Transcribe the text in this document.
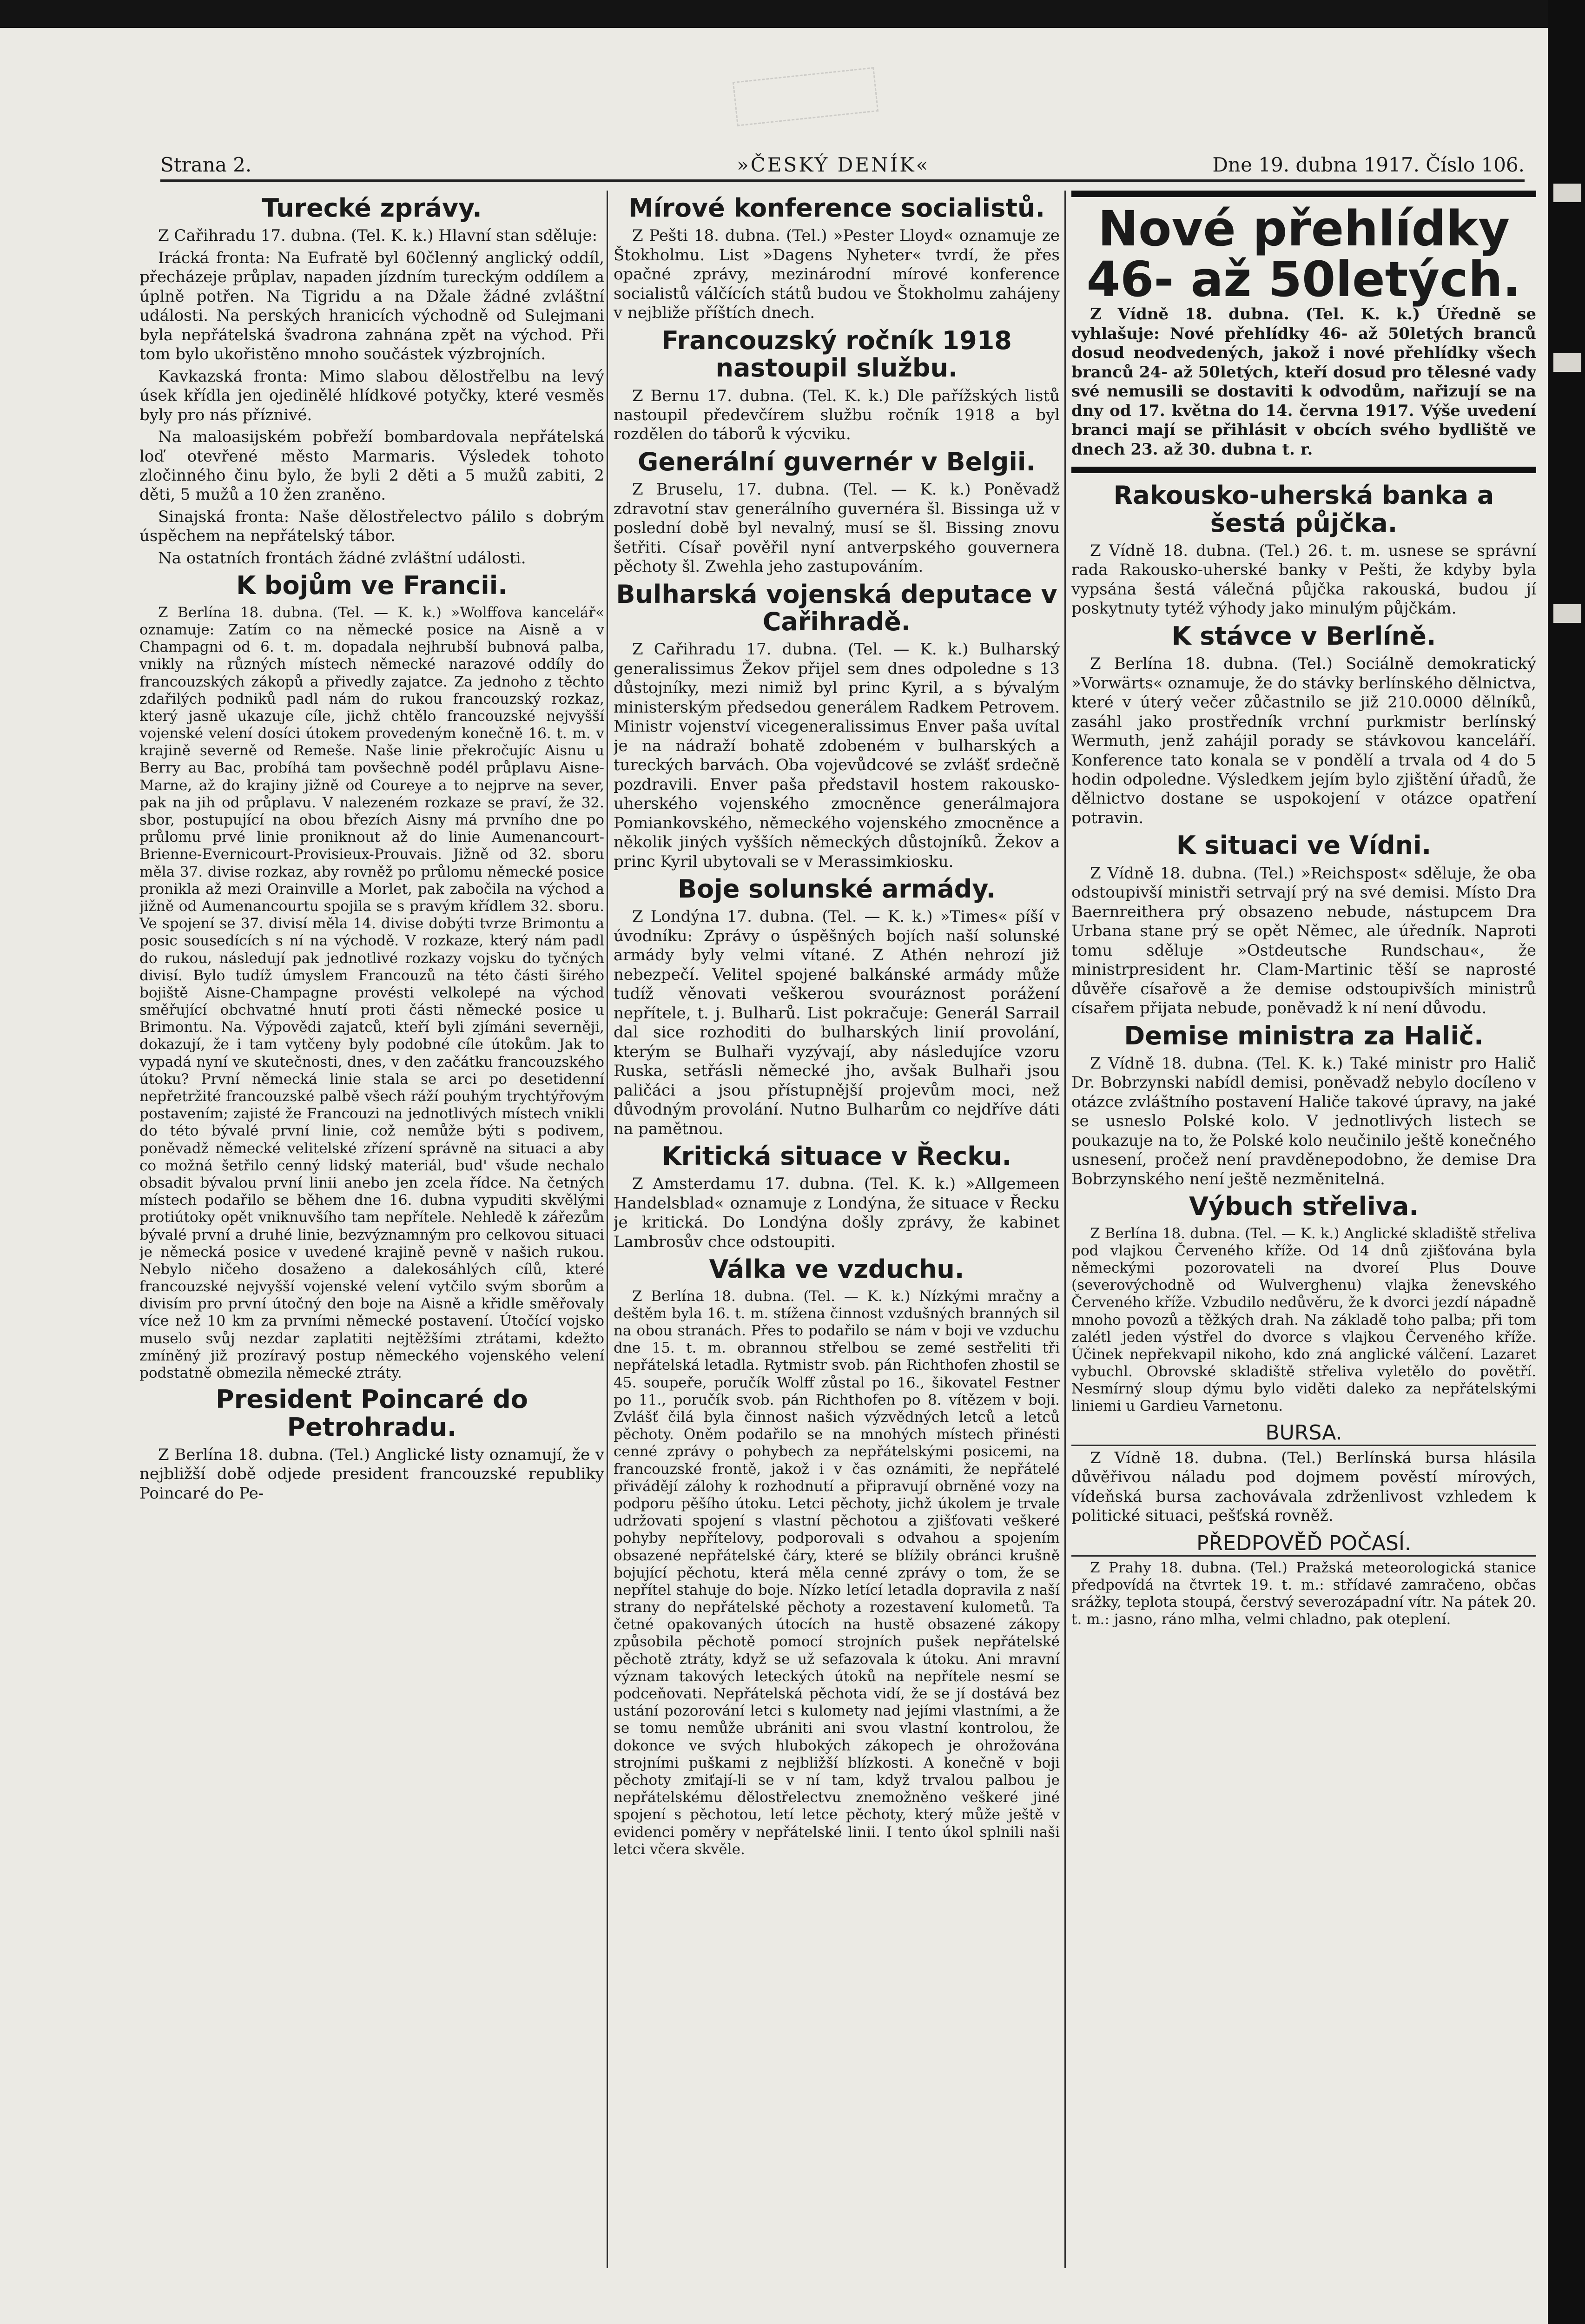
Strana 2.	»ČESKÝ DENÍK«	Dne 19. dubna 1917. Číslo 106.
Turecké zprávy.
Z Cařihradu 17. dubna. (Tel. K. k.) Hlavní stan sděluje:
Irácká fronta: Na Eufratě byl 60členný anglický oddíl, přecházeje průplav, napaden jízdním tureckým oddílem a úplně potřen. Na Tigridu a na Džale žádné zvláštní události. Na perských hranicích východně od Sulejmani byla nepřátelská švadrona zahnána zpět na východ. Při tom bylo ukořistěno mnoho součástek výzbrojních.
Kavkazská fronta: Mimo slabou dělostřelbu na levý úsek křídla jen ojedinělé hlídkové potyčky, které vesměs byly pro nás příznivé.
Na maloasijském pobřeží bombardovala nepřátelská loď otevřené město Marmaris. Výsledek tohoto zločinného činu bylo, že byli 2 děti a 5 mužů zabiti, 2 děti, 5 mužů a 10 žen zraněno.
Sinajská fronta: Naše dělostřelectvo pálilo s dobrým úspěchem na nepřátelský tábor.
Na ostatních frontách žádné zvláštní události.
K bojům ve Francii.
Z Berlína 18. dubna. (Tel. — K. k.) »Wolffova kancelář« oznamuje: Zatím co na německé posice na Aisně a v Champagni od 6. t. m. dopadala nejhrubší bubnová palba, vnikly na různých místech německé narazové oddíly do francouzských zákopů a přivedly zajatce. Za jednoho z těchto zdařilých podniků padl nám do rukou francouzský rozkaz, který jasně ukazuje cíle, jichž chtělo francouzské nejvyšší vojenské velení dosíci útokem provedeným konečně 16. t. m. v krajině severně od Remeše. Naše linie překročujíc Aisnu u Berry au Bac, probíhá tam povšechně podél průplavu Aisne-Marne, až do krajiny jižně od Coureye a to nejprve na sever, pak na jih od průplavu. V nalezeném rozkaze se praví, že 32. sbor, postupující na obou březích Aisny má prvního dne po průlomu prvé linie proniknout až do linie Aumenancourt-Brienne-Evernicourt-Provisieux-Prouvais. Jižně od 32. sboru měla 37. divise rozkaz, aby rovněž po průlomu německé posice pronikla až mezi Orainville a Morlet, pak zabočila na východ a jižně od Aumenancourtu spojila se s pravým křídlem 32. sboru. Ve spojení se 37. divisí měla 14. divise dobýti tvrze Brimontu a posic sousedících s ní na východě. V rozkaze, který nám padl do rukou, následují pak jednotlivé rozkazy vojsku do tyčných divisí. Bylo tudíž úmyslem Francouzů na této části širého bojiště Aisne-Champagne provésti velkolepé na východ směřující obchvatné hnutí proti části německé posice u Brimontu. Na. Výpovědi zajatců, kteří byli zjímáni severněji, dokazují, že i tam vytčeny byly podobné cíle útokům. Jak to vypadá nyní ve skutečnosti, dnes, v den začátku francouzského útoku? První německá linie stala se arci po desetidenní nepřetržité francouzské palbě všech ráží pouhým trychtýřovým postavením; zajisté že Francouzi na jednotlivých místech vnikli do této bývalé první linie, což nemůže býti s podivem, poněvadž německé velitelské zřízení správně na situaci a aby co možná šetřilo cenný lidský materiál, bud' všude nechalo obsadit bývalou první linii anebo jen zcela řídce. Na četných místech podařilo se během dne 16. dubna vypuditi skvělými protiútoky opět vniknuvšího tam nepřítele. Nehledě k zářezům bývalé první a druhé linie, bezvýznamným pro celkovou situaci je německá posice v uvedené krajině pevně v našich rukou. Nebylo ničeho dosaženo a dalekosáhlých cílů, které francouzské nejvyšší vojenské velení vytčilo svým sborům a divisím pro první útočný den boje na Aisně a křidle směřovaly více než 10 km za prvními německé postavení. Útočící vojsko muselo svůj nezdar zaplatiti nejtěžšími ztrátami, kdežto zmíněný již prozíravý postup německého vojenského velení podstatně obmezila německé ztráty.
President Poincaré do Petrohradu.
Z Berlína 18. dubna. (Tel.) Anglické listy oznamují, že v nejbližší době odjede president francouzské republiky Poincaré do Pe-
Mírové konference socialistů.
Z Pešti 18. dubna. (Tel.) »Pester Lloyd« oznamuje ze Štokholmu. List »Dagens Nyheter« tvrdí, že přes opačné zprávy, mezinárodní mírové konference socialistů válčících států budou ve Štokholmu zahájeny v nejbliže příštích dnech.
Francouzský ročník 1918 nastoupil službu.
Z Bernu 17. dubna. (Tel. K. k.) Dle pařížských listů nastoupil předevčírem službu ročník 1918 a byl rozdělen do táborů k výcviku.
Generální guvernér v Belgii.
Z Bruselu, 17. dubna. (Tel. — K. k.) Poněvadž zdravotní stav generálního guvernéra šl. Bissinga už v poslední době byl nevalný, musí se šl. Bissing znovu šetřiti. Císař pověřil nyní antverpského gouvernera pěchoty šl. Zwehla jeho zastupováním.
Bulharská vojenská deputace v Cařihradě.
Z Cařihradu 17. dubna. (Tel. — K. k.) Bulharský generalissimus Žekov přijel sem dnes odpoledne s 13 důstojníky, mezi nimiž byl princ Kyril, a s bývalým ministerským předsedou generálem Radkem Petrovem. Ministr vojenství vicegeneralissimus Enver paša uvítal je na nádraží bohatě zdobeném v bulharských a tureckých barvách. Oba vojevůdcové se zvlášť srdečně pozdravili. Enver paša představil hostem rakousko-uherského vojenského zmocněnce generálmajora Pomiankovského, německého vojenského zmocněnce a několik jiných vyšších německých důstojníků. Žekov a princ Kyril ubytovali se v Merassimkiosku.
Boje solunské armády.
Z Londýna 17. dubna. (Tel. — K. k.) »Times« píší v úvodníku: Zprávy o úspěšných bojích naší solunské armády byly velmi vítané. Z Athén nehrozí již nebezpečí. Velitel spojené balkánské armády může tudíž věnovati veškerou svouráznost porážení nepřítele, t. j. Bulharů. List pokračuje: Generál Sarrail dal sice rozhoditi do bulharských linií provolání, kterým se Bulhaři vyzývají, aby následujíce vzoru Ruska, setřásli německé jho, avšak Bulhaři jsou paličáci a jsou přístupnější projevům moci, než důvodným provolání. Nutno Bulharům co nejdříve dáti na pamětnou.
Kritická situace v Řecku.
Z Amsterdamu 17. dubna. (Tel. K. k.) »Allgemeen Handelsblad« oznamuje z Londýna, že situace v Řecku je kritická. Do Londýna došly zprávy, že kabinet Lambrosův chce odstoupiti.
Válka ve vzduchu.
Z Berlína 18. dubna. (Tel. — K. k.) Nízkými mračny a deštěm byla 16. t. m. stížena činnost vzdušných branných sil na obou stranách. Přes to podařilo se nám v boji ve vzduchu dne 15. t. m. obrannou střelbou se zemé sestřeliti tři nepřátelská letadla. Rytmistr svob. pán Richthofen zhostil se 45. soupeře, poručík Wolff zůstal po 16., šikovatel Festner po 11., poručík svob. pán Richthofen po 8. vítězem v boji. Zvlášť čilá byla činnost našich výzvědných letců a letců pěchoty. Oněm podařilo se na mnohých místech přinésti cenné zprávy o pohybech za nepřátelskými posicemi, na francouzské frontě, jakož i v čas oznámiti, že nepřátelé přivádějí zálohy k rozhodnutí a připravují obrněné vozy na podporu pěšího útoku. Letci pěchoty, jichž úkolem je trvale udržovati spojení s vlastní pěchotou a zjišťovati veškeré pohyby nepřítelovy, podporovali s odvahou a spojením obsazené nepřátelské čáry, které se blížily obránci krušně bojující pěchotu, která měla cenné zprávy o tom, že se nepřítel stahuje do boje. Nízko letící letadla dopravila z naší strany do nepřátelské pěchoty a rozestavení kulometů. Ta četné opakovaných útocích na hustě obsazené zákopy způsobila pěchotě pomocí strojních pušek nepřátelské pěchotě ztráty, když se už sefazovala k útoku. Ani mravní význam takových leteckých útoků na nepřítele nesmí se podceňovati. Nepřátelská pěchota vidí, že se jí dostává bez ustání pozorování letci s kulomety nad jejími vlastními, a že se tomu nemůže ubrániti ani svou vlastní kontrolou, že dokonce ve svých hlubokých zákopech je ohrožována strojními puškami z nejbližší blízkosti. A konečně v boji pěchoty zmiťají-li se v ní tam, když trvalou palbou je nepřátelskému dělostřelectvu znemožněno veškeré jiné spojení s pěchotou, letí letce pěchoty, který může ještě v evidenci poměry v nepřátelské linii. I tento úkol splnili naši letci včera skvěle.
Nové přehlídky 46- až 50letých.
Z Vídně 18. dubna. (Tel. K. k.) Úředně se vyhlašuje: Nové přehlídky 46- až 50letých branců dosud neodvedených, jakož i nové přehlídky všech branců 24- až 50letých, kteří dosud pro tělesné vady své nemusili se dostaviti k odvodům, nařizují se na dny od 17. května do 14. června 1917. Výše uvedení branci mají se přihlásit v obcích svého bydliště ve dnech 23. až 30. dubna t. r.
Rakousko-uherská banka a šestá půjčka.
Z Vídně 18. dubna. (Tel.) 26. t. m. usnese se správní rada Rakousko-uherské banky v Pešti, že kdyby byla vypsána šestá válečná půjčka rakouská, budou jí poskytnuty tytéž výhody jako minulým půjčkám.
K stávce v Berlíně.
Z Berlína 18. dubna. (Tel.) Sociálně demokratický »Vorwärts« oznamuje, že do stávky berlínského dělnictva, které v úterý večer zůčastnilo se již 210.0000 dělníků, zasáhl jako prostředník vrchní purkmistr berlínský Wermuth, jenž zahájil porady se stávkovou kanceláří. Konference tato konala se v pondělí a trvala od 4 do 5 hodin odpoledne. Výsledkem jejím bylo zjištění úřadů, že dělnictvo dostane se uspokojení v otázce opatření potravin.
K situaci ve Vídni.
Z Vídně 18. dubna. (Tel.) »Reichspost« sděluje, že oba odstoupivší ministři setrvají prý na své demisi. Místo Dra Baernreithera prý obsazeno nebude, nástupcem Dra Urbana stane prý se opět Němec, ale úředník. Naproti tomu sděluje »Ostdeutsche Rundschau«, že ministrpresident hr. Clam-Martinic těší se naprosté důvěře císařově a že demise odstoupivších ministrů císařem přijata nebude, poněvadž k ní není důvodu.
Demise ministra za Halič.
Z Vídně 18. dubna. (Tel. K. k.) Také ministr pro Halič Dr. Bobrzynski nabídl demisi, poněvadž nebylo docíleno v otázce zvláštního postavení Haliče takové úpravy, na jaké se usneslo Polské kolo. V jednotlivých listech se poukazuje na to, že Polské kolo neučinilo ještě konečného usnesení, pročež není pravděnepodobno, že demise Dra Bobrzynského není ještě nezměnitelná.
Výbuch střeliva.
Z Berlína 18. dubna. (Tel. — K. k.) Anglické skladiště střeliva pod vlajkou Červeného kříže. Od 14 dnů zjišťována byla německými pozorovateli na dvoreí Plus Douve (severovýchodně od Wulverghenu) vlajka ženevského Červeného kříže. Vzbudilo nedůvěru, že k dvorci jezdí nápadně mnoho povozů a těžkých drah. Na základě toho palba; při tom zalétl jeden výstřel do dvorce s vlajkou Červeného kříže. Účinek nepřekvapil nikoho, kdo zná anglické válčení. Lazaret vybuchl. Obrovské skladiště střeliva vyletělo do povětří. Nesmírný sloup dýmu bylo viděti daleko za nepřátelskými liniemi u Gardieu Varnetonu.
BURSA.
Z Vídně 18. dubna. (Tel.) Berlínská bursa hlásila důvěřivou náladu pod dojmem pověstí mírových, vídeňská bursa zachovávala zdrženlivost vzhledem k politické situaci, pešťská rovněž.
PŘEDPOVĚĎ POČASÍ.
Z Prahy 18. dubna. (Tel.) Pražská meteorologická stanice předpovídá na čtvrtek 19. t. m.: střídavé zamračeno, občas srážky, teplota stoupá, čerstvý severozápadní vítr. Na pátek 20. t. m.: jasno, ráno mlha, velmi chladno, pak oteplení.
